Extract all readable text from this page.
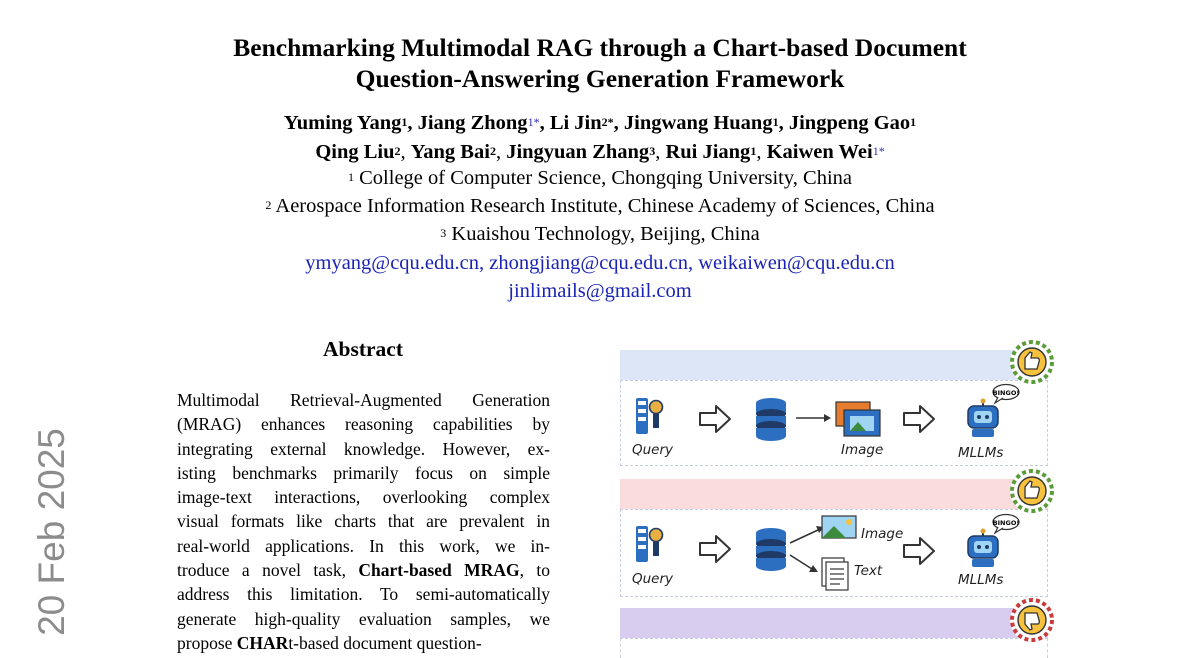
Benchmarking Multimodal RAG through a Chart-based Document
Question-Answering Generation Framework
Yuming Yang$^1$, Jiang Zhong$^{1*}$, Li Jin$^{2*}$, Jingwang Huang$^1$, Jingpeng Gao$^1$
Qing Liu$^2$, Yang Bai$^2$, Jingyuan Zhang$^3$, Rui Jiang$^1$, Kaiwen Wei$^{1*}$
$^1$ College of Computer Science, Chongqing University, China
$^2$ Aerospace Information Research Institute, Chinese Academy of Sciences, China
$^3$ Kuaishou Technology, Beijing, China
ymyang@cqu.edu.cn, zhongjiang@cqu.edu.cn, weikaiwen@cqu.edu.cn
jinlimails@gmail.com
Abstract
Multimodal Retrieval-Augmented Generation
(MRAG) enhances reasoning capabilities by
integrating external knowledge. However, ex-
isting benchmarks primarily focus on simple
image-text interactions, overlooking complex
visual formats like charts that are prevalent in
real-world applications. In this work, we in-
troduce a novel task, Chart-based MRAG, to
address this limitation. To semi-automatically
generate high-quality evaluation samples, we
propose CHARt-based document question-
20 Feb 2025	Query	Image	MLLMs
Image
Text
Query	MLLMs
BINGO!
BINGO!
